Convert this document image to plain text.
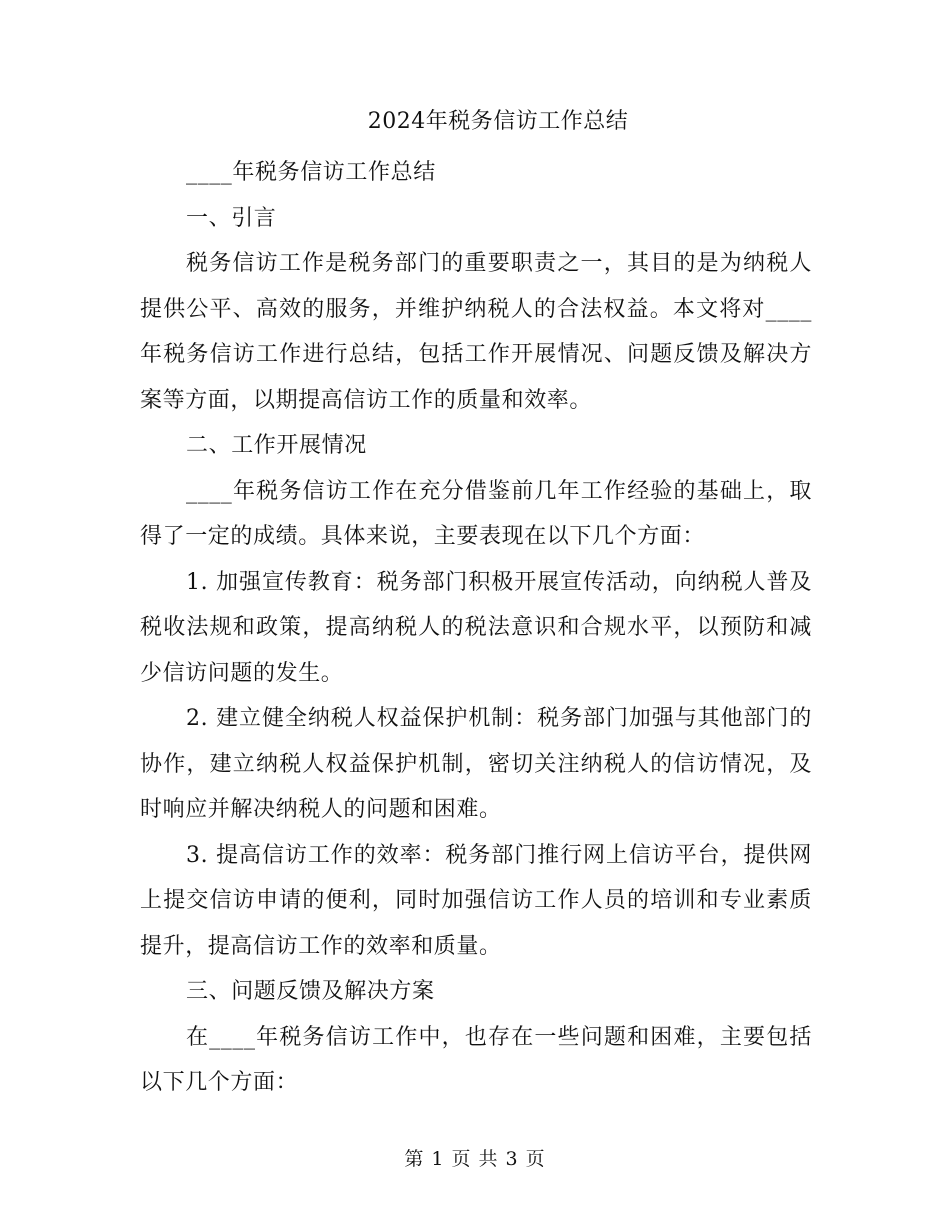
2024年税务信访工作总结

____年税务信访工作总结

一、引言

税务信访工作是税务部门的重要职责之一，其目的是为纳税人提供公平、高效的服务，并维护纳税人的合法权益。本文将对____年税务信访工作进行总结，包括工作开展情况、问题反馈及解决方案等方面，以期提高信访工作的质量和效率。

二、工作开展情况

____年税务信访工作在充分借鉴前几年工作经验的基础上，取得了一定的成绩。具体来说，主要表现在以下几个方面：

1. 加强宣传教育：税务部门积极开展宣传活动，向纳税人普及税收法规和政策，提高纳税人的税法意识和合规水平，以预防和减少信访问题的发生。

2. 建立健全纳税人权益保护机制：税务部门加强与其他部门的协作，建立纳税人权益保护机制，密切关注纳税人的信访情况，及时响应并解决纳税人的问题和困难。

3. 提高信访工作的效率：税务部门推行网上信访平台，提供网上提交信访申请的便利，同时加强信访工作人员的培训和专业素质提升，提高信访工作的效率和质量。

三、问题反馈及解决方案

在____年税务信访工作中，也存在一些问题和困难，主要包括以下几个方面：

第 1 页 共 3 页
